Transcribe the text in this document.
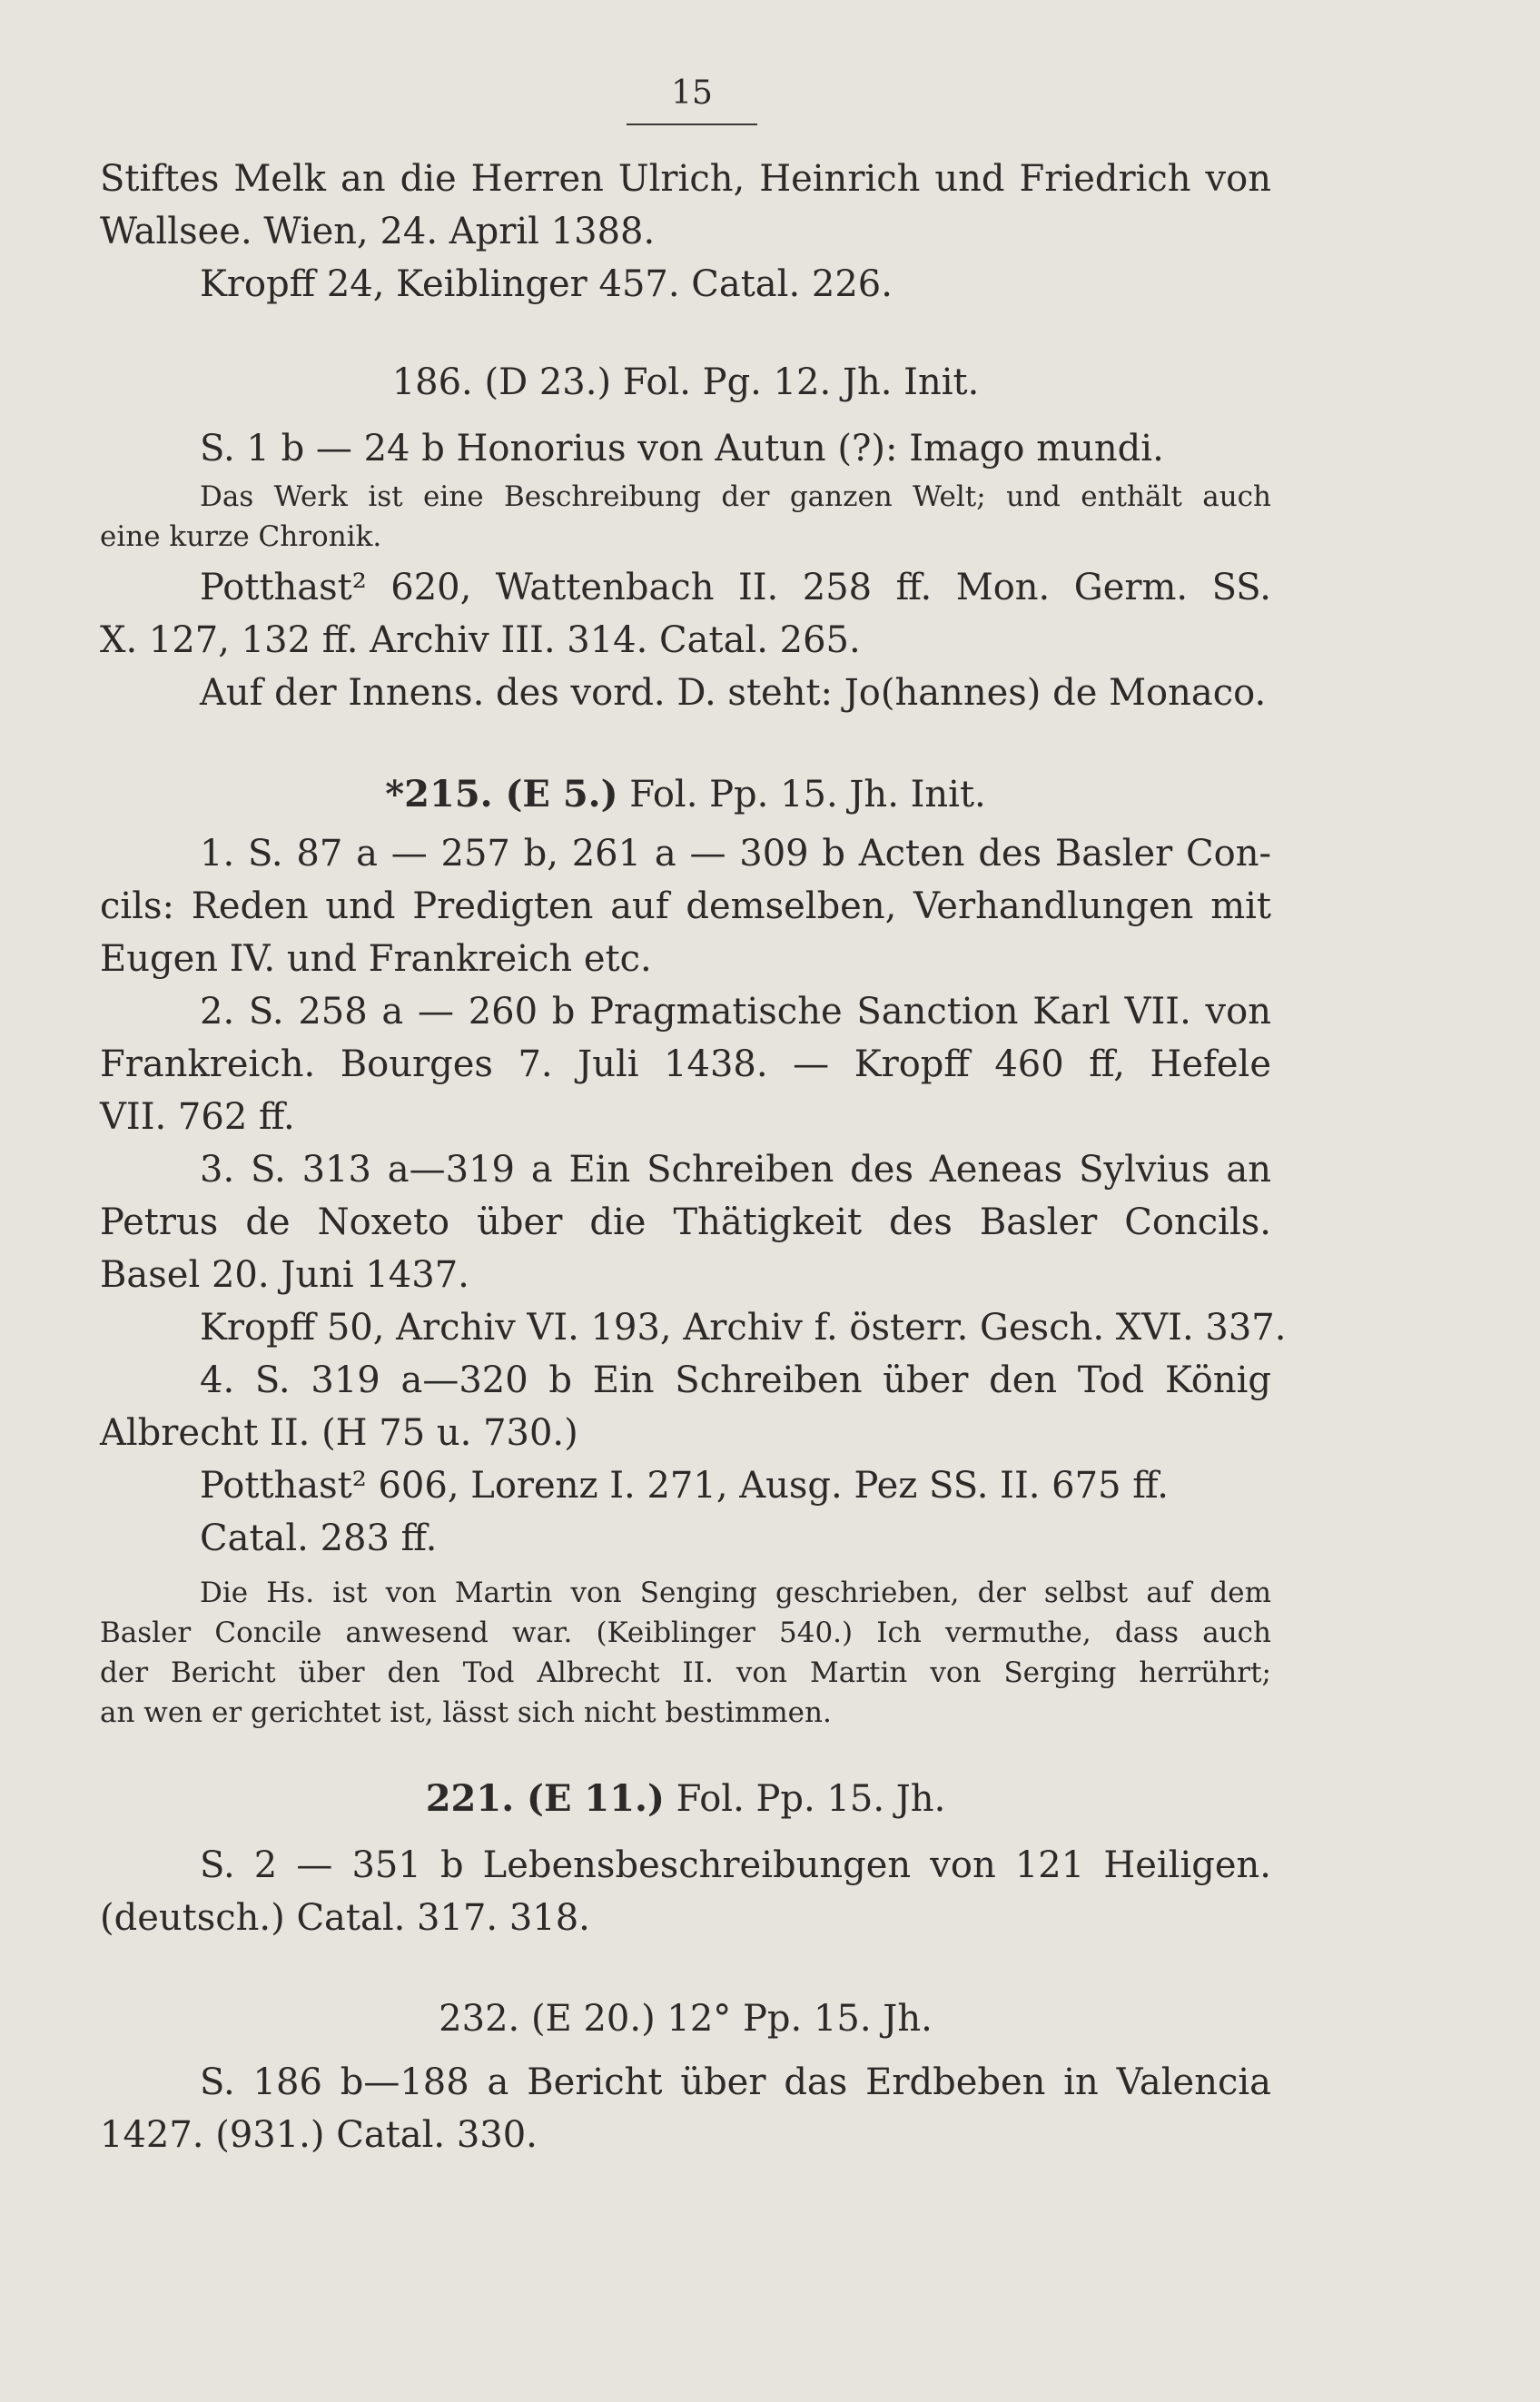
15
Stiftes Melk an die Herren Ulrich, Heinrich und Friedrich von
Wallsee. Wien, 24. April 1388.
Kropff 24, Keiblinger 457. Catal. 226.
186. (D 23.) Fol. Pg. 12. Jh. Init.
S. 1 b — 24 b Honorius von Autun (?): Imago mundi.
Das Werk ist eine Beschreibung der ganzen Welt; und enthält auch
eine kurze Chronik.
Potthast² 620, Wattenbach II. 258 ff. Mon. Germ. SS.
X. 127, 132 ff. Archiv III. 314. Catal. 265.
Auf der Innens. des vord. D. steht: Jo(hannes) de Monaco.
*215. (E 5.) Fol. Pp. 15. Jh. Init.
1. S. 87 a — 257 b, 261 a — 309 b Acten des Basler Con-
cils: Reden und Predigten auf demselben, Verhandlungen mit
Eugen IV. und Frankreich etc.
2. S. 258 a — 260 b Pragmatische Sanction Karl VII. von
Frankreich. Bourges 7. Juli 1438. — Kropff 460 ff, Hefele
VII. 762 ff.
3. S. 313 a—319 a Ein Schreiben des Aeneas Sylvius an
Petrus de Noxeto über die Thätigkeit des Basler Concils.
Basel 20. Juni 1437.
Kropff 50, Archiv VI. 193, Archiv f. österr. Gesch. XVI. 337.
4. S. 319 a—320 b Ein Schreiben über den Tod König
Albrecht II. (H 75 u. 730.)
Potthast² 606, Lorenz I. 271, Ausg. Pez SS. II. 675 ff.
Catal. 283 ff.
Die Hs. ist von Martin von Senging geschrieben, der selbst auf dem
Basler Concile anwesend war. (Keiblinger 540.) Ich vermuthe, dass auch
der Bericht über den Tod Albrecht II. von Martin von Serging herrührt;
an wen er gerichtet ist, lässt sich nicht bestimmen.
221. (E 11.) Fol. Pp. 15. Jh.
S. 2 — 351 b Lebensbeschreibungen von 121 Heiligen.
(deutsch.) Catal. 317. 318.
232. (E 20.) 12° Pp. 15. Jh.
S. 186 b—188 a Bericht über das Erdbeben in Valencia
1427. (931.) Catal. 330.
